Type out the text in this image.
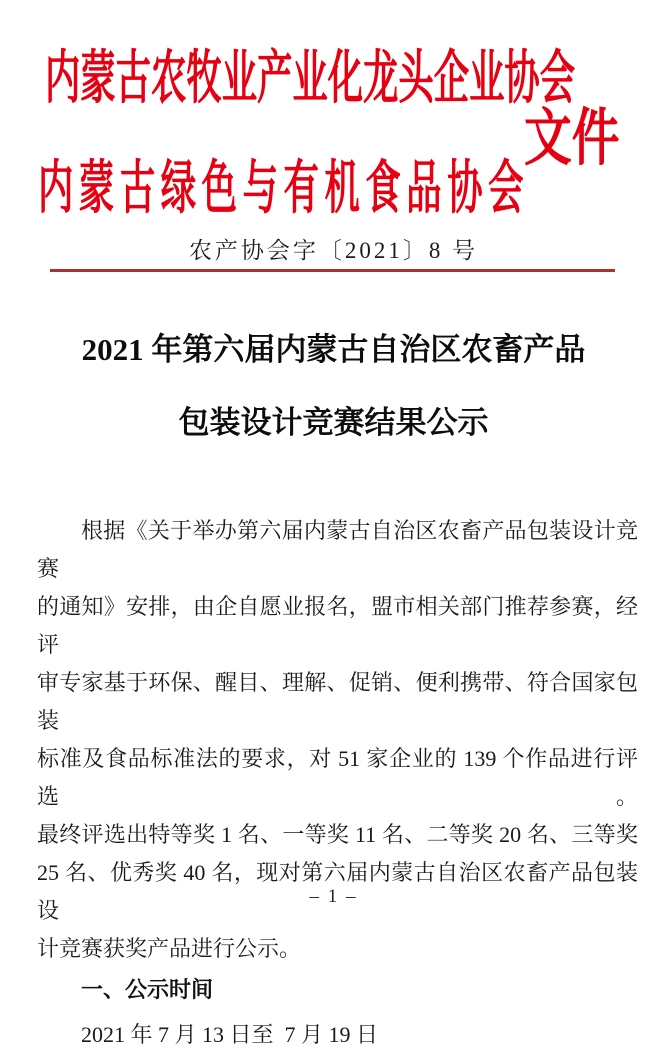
内蒙古农牧业产业化龙头企业协会
内蒙古绿色与有机食品协会
文件
农产协会字〔2021〕8 号
2021 年第六届内蒙古自治区农畜产品
包装设计竞赛结果公示
根据《关于举办第六届内蒙古自治区农畜产品包装设计竞赛
的通知》安排，由企自愿业报名，盟市相关部门推荐参赛，经评
审专家基于环保、醒目、理解、促销、便利携带、符合国家包装
标准及食品标准法的要求，对 51 家企业的 139 个作品进行评选。
最终评选出特等奖 1 名、一等奖 11 名、二等奖 20 名、三等奖
25 名、优秀奖 40 名，现对第六届内蒙古自治区农畜产品包装设
计竞赛获奖产品进行公示。
一、公示时间
2021 年 7 月 13 日至  7 月 19 日
– 1 –
